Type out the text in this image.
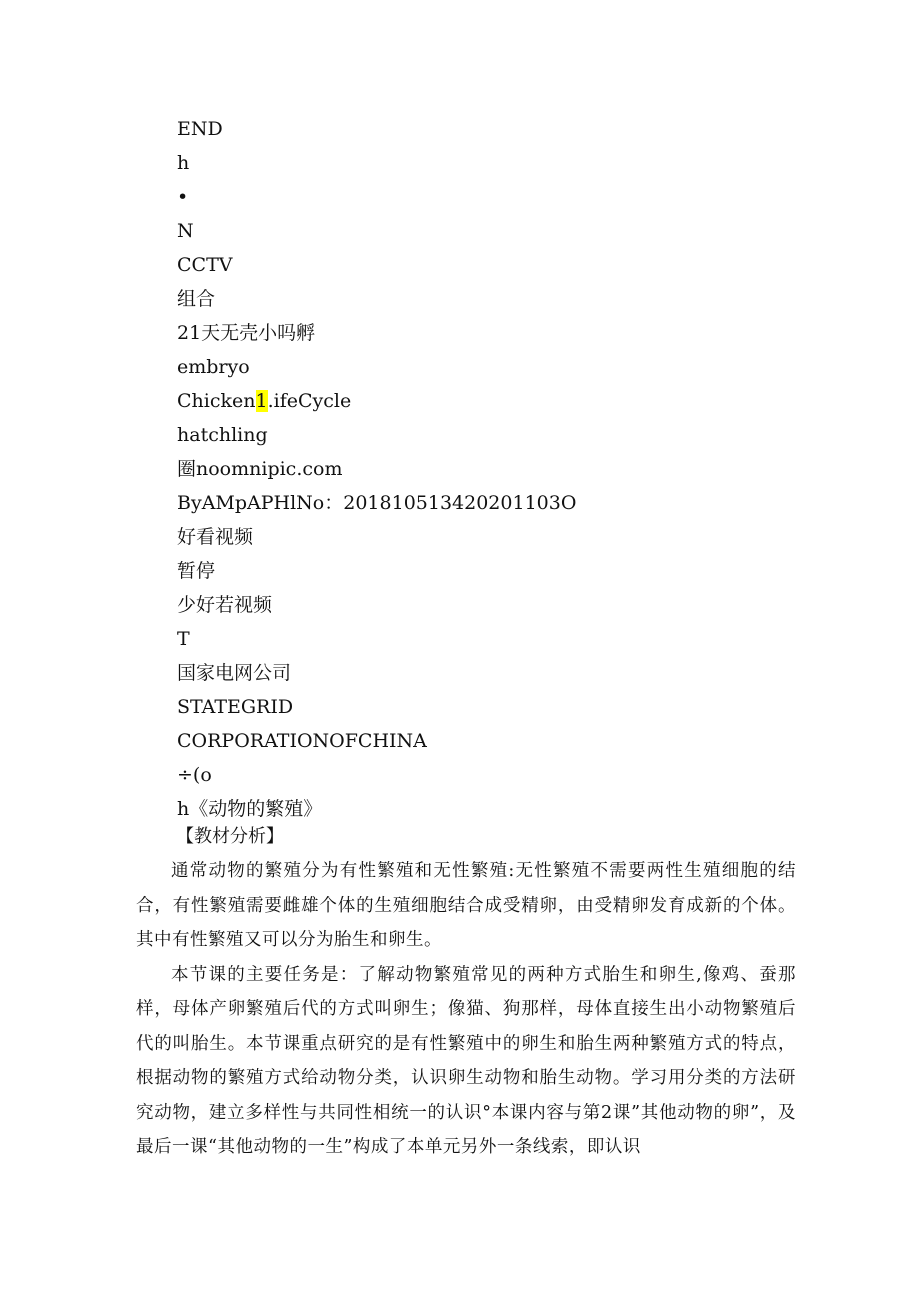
END
h
•
N
CCTV
组合
21天无壳小吗孵
embryo
Chicken1.ifeCycle
hatchling
圈noomnipic.com
ByAMpAPHlNo：201810513420201103O
好看视频
暂停
少好若视频
T
国家电网公司
STATEGRID
CORPORATIONOFCHINA
÷(o
h《动物的繁殖》
【教材分析】

通常动物的繁殖分为有性繁殖和无性繁殖:无性繁殖不需要两性生殖细胞的结合，有性繁殖需要雌雄个体的生殖细胞结合成受精卵，由受精卵发育成新的个体。其中有性繁殖又可以分为胎生和卵生。

本节课的主要任务是：了解动物繁殖常见的两种方式胎生和卵生,像鸡、蚕那样，母体产卵繁殖后代的方式叫卵生；像猫、狗那样，母体直接生出小动物繁殖后代的叫胎生。本节课重点研究的是有性繁殖中的卵生和胎生两种繁殖方式的特点，根据动物的繁殖方式给动物分类，认识卵生动物和胎生动物。学习用分类的方法研究动物，建立多样性与共同性相统一的认识°本课内容与第2课”其他动物的卵”，及最后一课“其他动物的一生”构成了本单元另外一条线索，即认识
